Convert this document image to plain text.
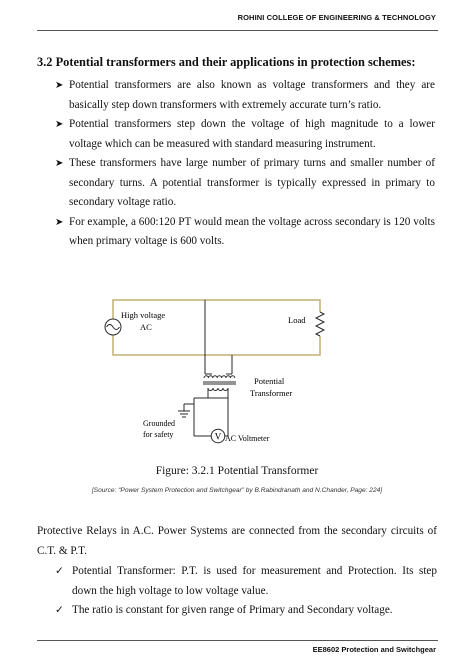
ROHINI COLLEGE OF ENGINEERING & TECHNOLOGY
3.2 Potential transformers and their applications in protection schemes:
➤ Potential transformers are also known as voltage transformers and they are basically step down transformers with extremely accurate turn’s ratio.
➤ Potential transformers step down the voltage of high magnitude to a lower voltage which can be measured with standard measuring instrument.
➤ These transformers have large number of primary turns and smaller number of secondary turns. A potential transformer is typically expressed in primary to secondary voltage ratio.
➤ For example, a 600:120 PT would mean the voltage across secondary is 120 volts when primary voltage is 600 volts.
High voltage
AC
Load
Potential
Transformer
Grounded
for safety	V AC Voltmeter
Figure: 3.2.1 Potential Transformer
[Source: “Power System Protection and Switchgear” by B.Rabindranath and N.Chander, Page: 224]
Protective Relays in A.C. Power Systems are connected from the secondary circuits of C.T. & P.T.
✓ Potential Transformer: P.T. is used for measurement and Protection. Its step down the high voltage to low voltage value.
✓ The ratio is constant for given range of Primary and Secondary voltage.
EE8602 Protection and Switchgear
